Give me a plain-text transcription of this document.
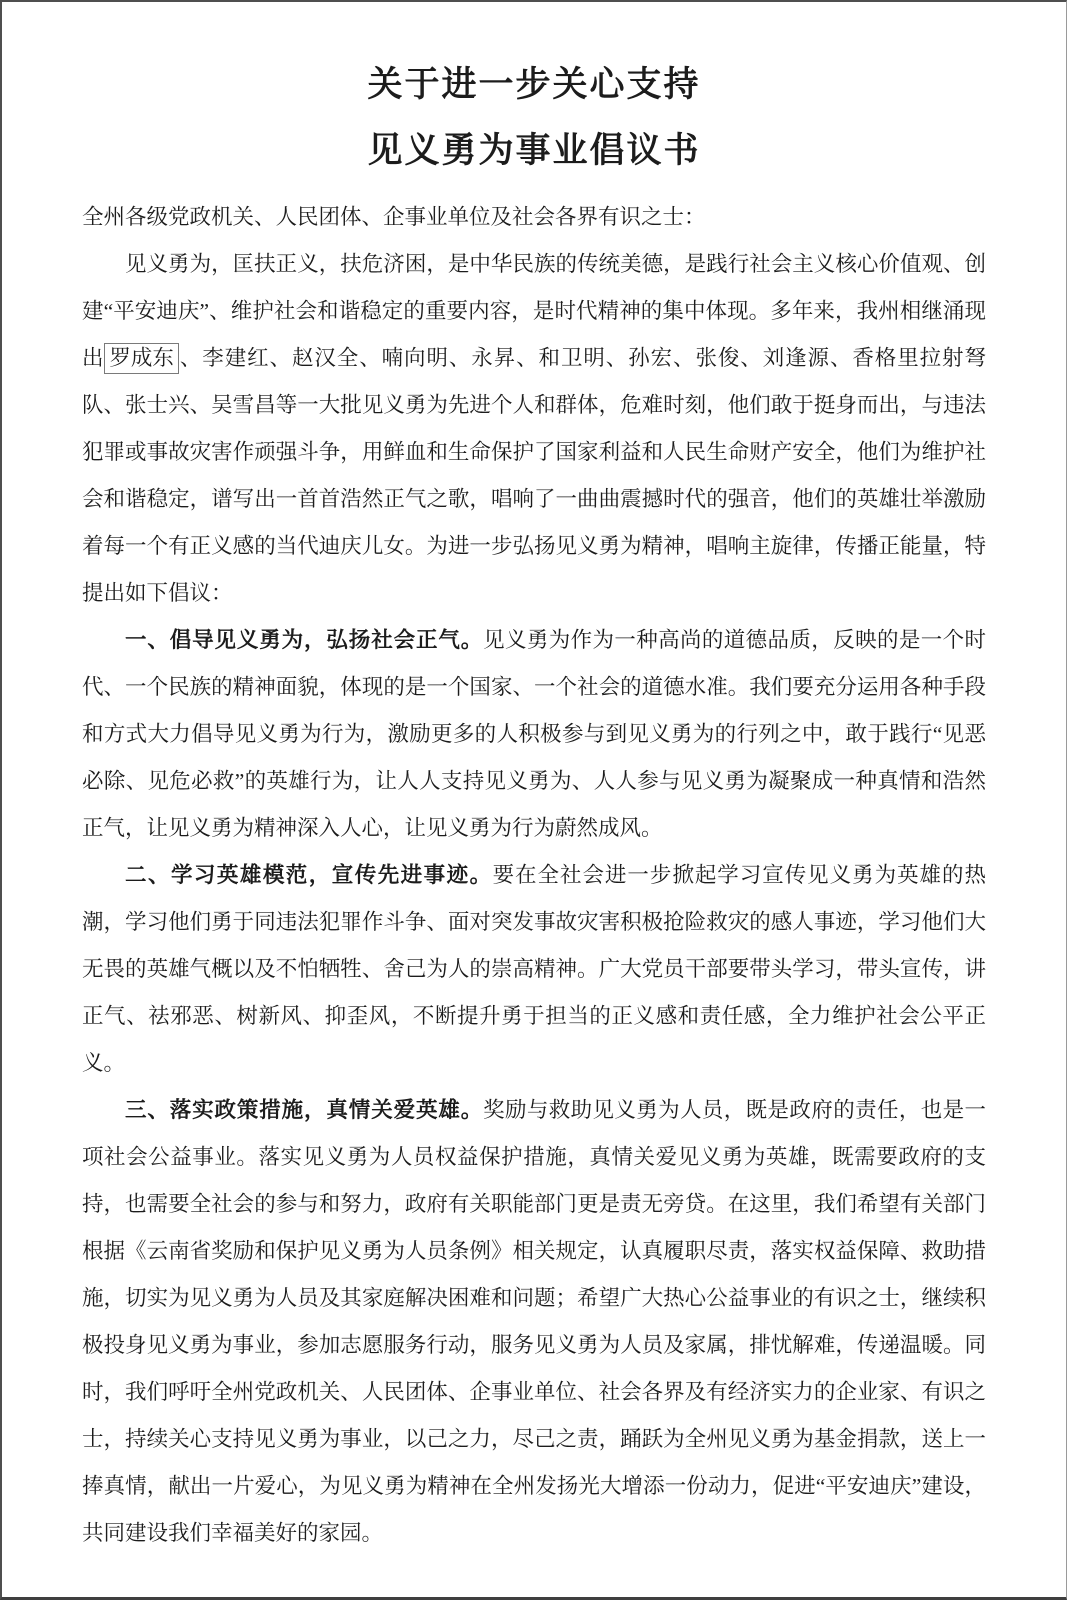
关于进一步关心支持
见义勇为事业倡议书

全州各级党政机关、人民团体、企事业单位及社会各界有识之士：

见义勇为，匡扶正义，扶危济困，是中华民族的传统美德，是践行社会主义核心价值观、创建“平安迪庆”、维护社会和谐稳定的重要内容，是时代精神的集中体现。多年来，我州相继涌现出 罗成东 、李建红、赵汉全、喃向明、永昇、和卫明、孙宏、张俊、刘逢源、香格里拉射弩队、张士兴、吴雪昌等一大批见义勇为先进个人和群体，危难时刻，他们敢于挺身而出，与违法犯罪或事故灾害作顽强斗争，用鲜血和生命保护了国家利益和人民生命财产安全，他们为维护社会和谐稳定，谱写出一首首浩然正气之歌，唱响了一曲曲震撼时代的强音，他们的英雄壮举激励着每一个有正义感的当代迪庆儿女。为进一步弘扬见义勇为精神，唱响主旋律，传播正能量，特提出如下倡议：

一、倡导见义勇为，弘扬社会正气。见义勇为作为一种高尚的道德品质，反映的是一个时代、一个民族的精神面貌，体现的是一个国家、一个社会的道德水准。我们要充分运用各种手段和方式大力倡导见义勇为行为，激励更多的人积极参与到见义勇为的行列之中，敢于践行“见恶必除、见危必救”的英雄行为，让人人支持见义勇为、人人参与见义勇为凝聚成一种真情和浩然正气，让见义勇为精神深入人心，让见义勇为行为蔚然成风。

二、学习英雄模范，宣传先进事迹。要在全社会进一步掀起学习宣传见义勇为英雄的热潮，学习他们勇于同违法犯罪作斗争、面对突发事故灾害积极抢险救灾的感人事迹，学习他们大无畏的英雄气概以及不怕牺牲、舍己为人的崇高精神。广大党员干部要带头学习，带头宣传，讲正气、祛邪恶、树新风、抑歪风，不断提升勇于担当的正义感和责任感，全力维护社会公平正义。

三、落实政策措施，真情关爱英雄。奖励与救助见义勇为人员，既是政府的责任，也是一项社会公益事业。落实见义勇为人员权益保护措施，真情关爱见义勇为英雄，既需要政府的支持，也需要全社会的参与和努力，政府有关职能部门更是责无旁贷。在这里，我们希望有关部门根据《云南省奖励和保护见义勇为人员条例》相关规定，认真履职尽责，落实权益保障、救助措施，切实为见义勇为人员及其家庭解决困难和问题；希望广大热心公益事业的有识之士，继续积极投身见义勇为事业，参加志愿服务行动，服务见义勇为人员及家属，排忧解难，传递温暖。同时，我们呼吁全州党政机关、人民团体、企事业单位、社会各界及有经济实力的企业家、有识之士，持续关心支持见义勇为事业，以己之力，尽己之责，踊跃为全州见义勇为基金捐款，送上一捧真情，献出一片爱心，为见义勇为精神在全州发扬光大增添一份动力，促进“平安迪庆”建设，共同建设我们幸福美好的家园。
